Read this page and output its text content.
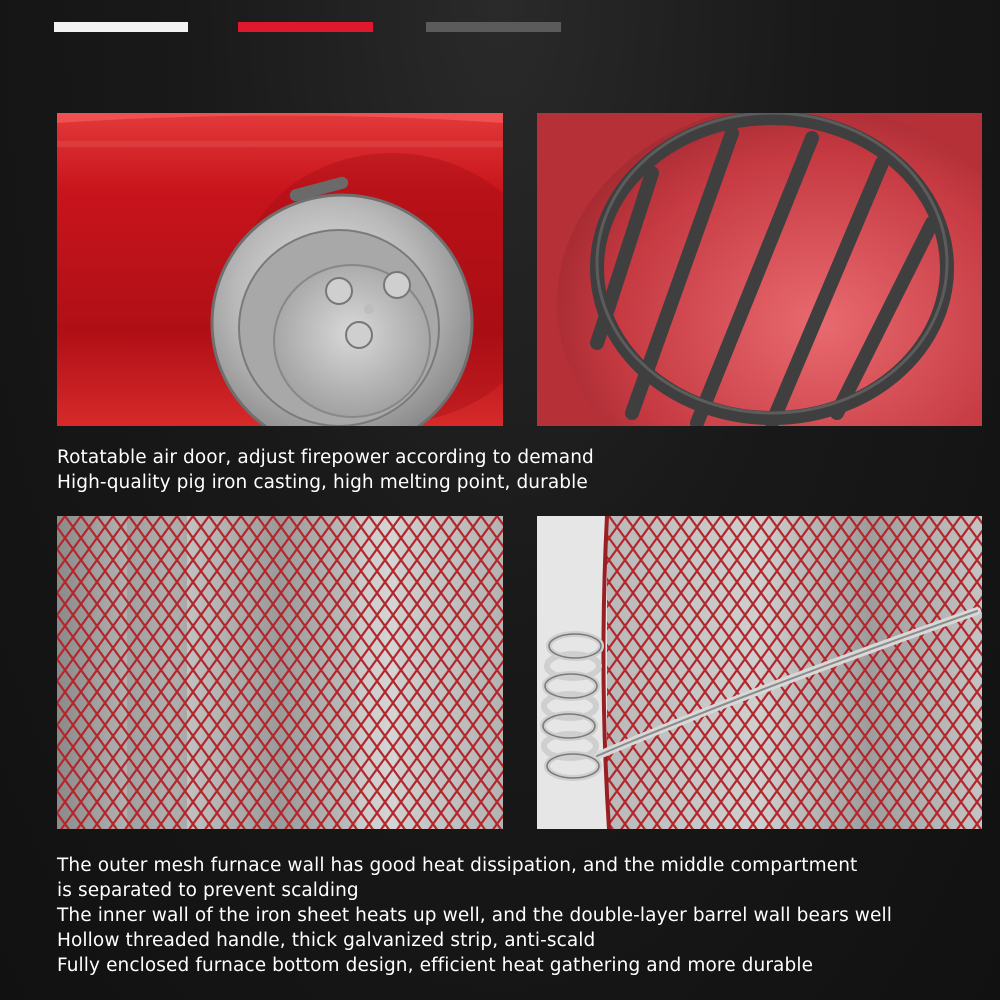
Rotatable air door, adjust firepower according to demand
High-quality pig iron casting, high melting point, durable
The outer mesh furnace wall has good heat dissipation, and the middle compartment
is separated to prevent scalding
The inner wall of the iron sheet heats up well, and the double-layer barrel wall bears well
Hollow threaded handle, thick galvanized strip, anti-scald
Fully enclosed furnace bottom design, efficient heat gathering and more durable
